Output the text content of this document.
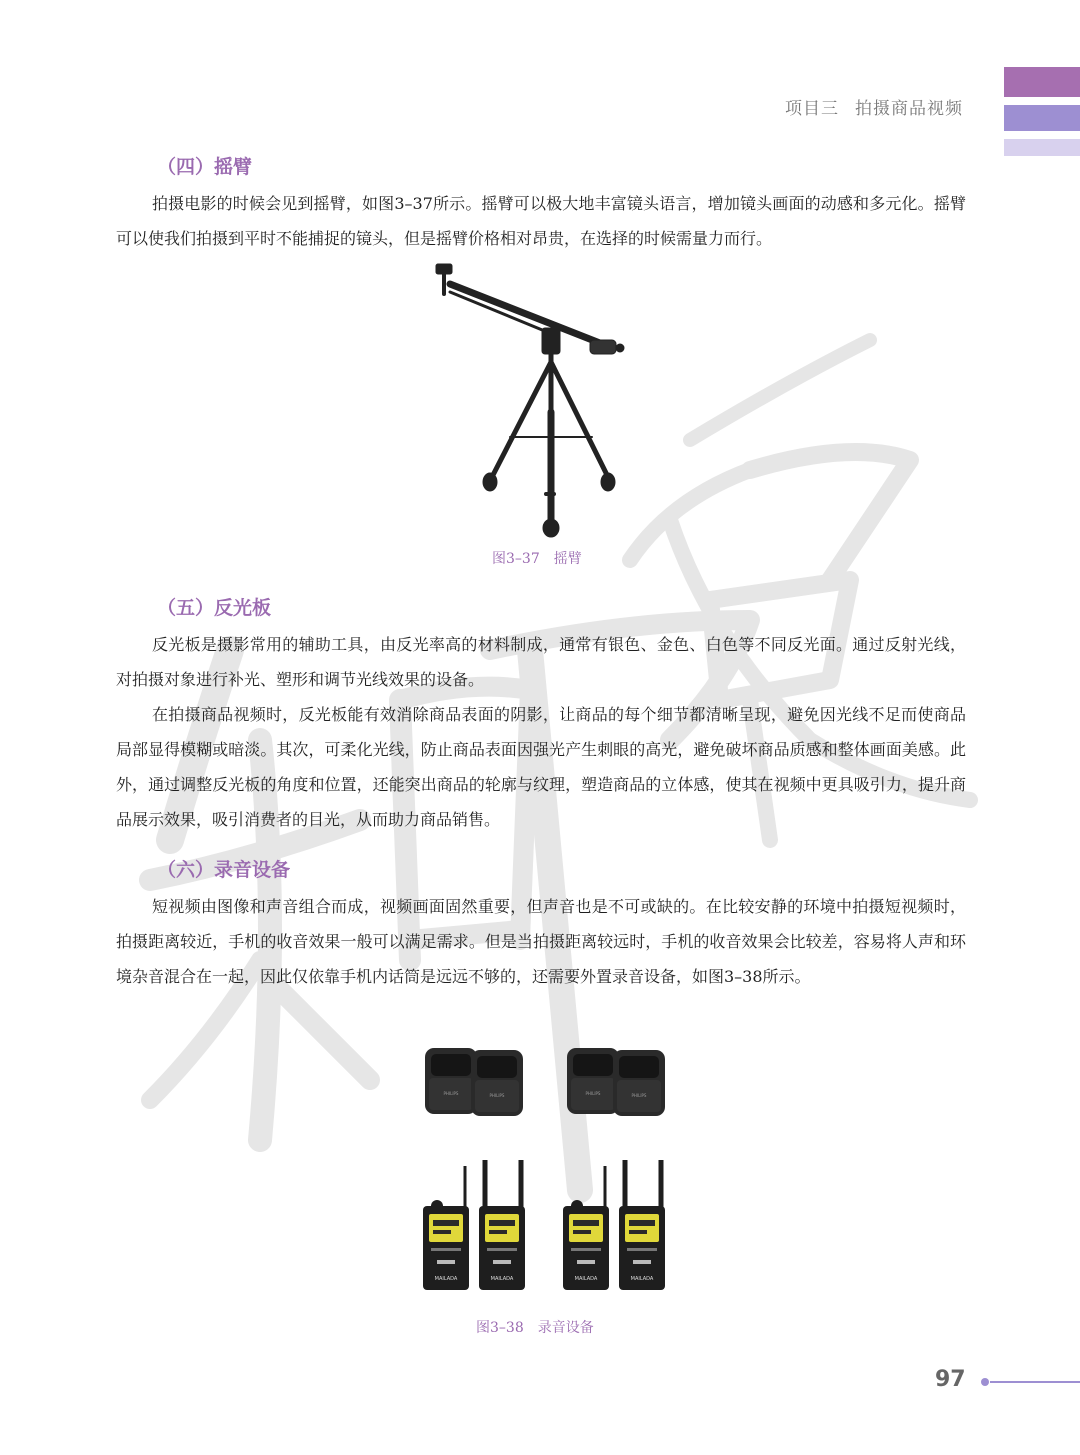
项目三 拍摄商品视频
（四）摇臂

拍摄电影的时候会见到摇臂，如图3–37所示。摇臂可以极大地丰富镜头语言，增加镜头画面的动感和多元化。摇臂可以使我们拍摄到平时不能捕捉的镜头，但是摇臂价格相对昂贵，在选择的时候需量力而行。

图3–37 摇臂
（五）反光板

反光板是摄影常用的辅助工具，由反光率高的材料制成，通常有银色、金色、白色等不同反光面。通过反射光线，对拍摄对象进行补光、塑形和调节光线效果的设备。

在拍摄商品视频时，反光板能有效消除商品表面的阴影，让商品的每个细节都清晰呈现，避免因光线不足而使商品局部显得模糊或暗淡。其次，可柔化光线，防止商品表面因强光产生刺眼的高光，避免破坏商品质感和整体画面美感。此外，通过调整反光板的角度和位置，还能突出商品的轮廓与纹理，塑造商品的立体感，使其在视频中更具吸引力，提升商品展示效果，吸引消费者的目光，从而助力商品销售。

（六）录音设备

短视频由图像和声音组合而成，视频画面固然重要，但声音也是不可或缺的。在比较安静的环境中拍摄短视频时，拍摄距离较近，手机的收音效果一般可以满足需求。但是当拍摄距离较远时，手机的收音效果会比较差，容易将人声和环境杂音混合在一起，因此仅依靠手机内话筒是远远不够的，还需要外置录音设备，如图3–38所示。

PHILIPS	PHILIPS	PHILIPS	PHILIPS
MAILADA	MAILADA	MAILADA	MAILADA
图3–38 录音设备
97
